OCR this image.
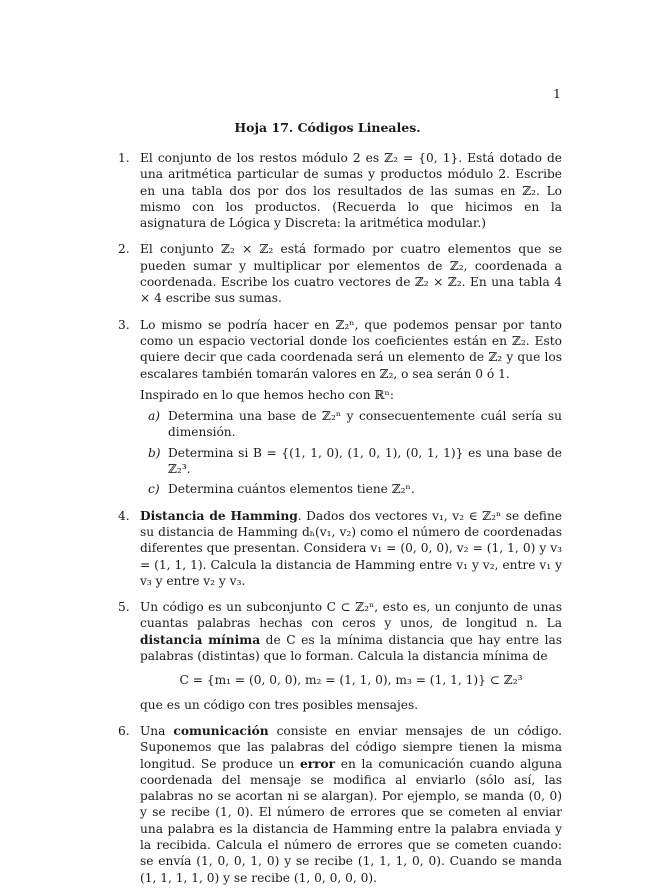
1
Hoja 17. Códigos Lineales.
1. El conjunto de los restos módulo 2 es ℤ₂ = {0, 1}. Está dotado de una aritmética particular de sumas y productos módulo 2. Escribe en una tabla dos por dos los resultados de las sumas en ℤ₂. Lo mismo con los productos. (Recuerda lo que hicimos en la asignatura de Lógica y Discreta: la aritmética modular.)

2. El conjunto ℤ₂ × ℤ₂ está formado por cuatro elementos que se pueden sumar y multiplicar por elementos de ℤ₂, coordenada a coordenada. Escribe los cuatro vectores de ℤ₂ × ℤ₂. En una tabla 4 × 4 escribe sus sumas.

3. Lo mismo se podría hacer en ℤ₂ⁿ, que podemos pensar por tanto como un espacio vectorial donde los coeficientes están en ℤ₂. Esto quiere decir que cada coordenada será un elemento de ℤ₂ y que los escalares también tomarán valores en ℤ₂, o sea serán 0 ó 1.

Inspirado en lo que hemos hecho con ℝⁿ:

a) Determina una base de ℤ₂ⁿ y consecuentemente cuál sería su dimensión.
b) Determina si B = {(1, 1, 0), (1, 0, 1), (0, 1, 1)} es una base de ℤ₂³.
c) Determina cuántos elementos tiene ℤ₂ⁿ.
4. Distancia de Hamming. Dados dos vectores v₁, v₂ ∈ ℤ₂ⁿ se define su distancia de Hamming dₕ(v₁, v₂) como el número de coordenadas diferentes que presentan. Considera v₁ = (0, 0, 0), v₂ = (1, 1, 0) y v₃ = (1, 1, 1). Calcula la distancia de Hamming entre v₁ y v₂, entre v₁ y v₃ y entre v₂ y v₃.

5. Un código es un subconjunto C ⊂ ℤ₂ⁿ, esto es, un conjunto de unas cuantas palabras hechas con ceros y unos, de longitud n. La distancia mínima de C es la mínima distancia que hay entre las palabras (distintas) que lo forman. Calcula la distancia mínima de

C = {m₁ = (0, 0, 0), m₂ = (1, 1, 0), m₃ = (1, 1, 1)} ⊂ ℤ₂³

que es un código con tres posibles mensajes.

6. Una comunicación consiste en enviar mensajes de un código. Suponemos que las palabras del código siempre tienen la misma longitud. Se produce un error en la comunicación cuando alguna coordenada del mensaje se modifica al enviarlo (sólo así, las palabras no se acortan ni se alargan). Por ejemplo, se manda (0, 0) y se recibe (1, 0). El número de errores que se cometen al enviar una palabra es la distancia de Hamming entre la palabra enviada y la recibida. Calcula el número de errores que se cometen cuando: se envía (1, 0, 0, 1, 0) y se recibe (1, 1, 1, 0, 0). Cuando se manda (1, 1, 1, 1, 0) y se recibe (1, 0, 0, 0, 0).
